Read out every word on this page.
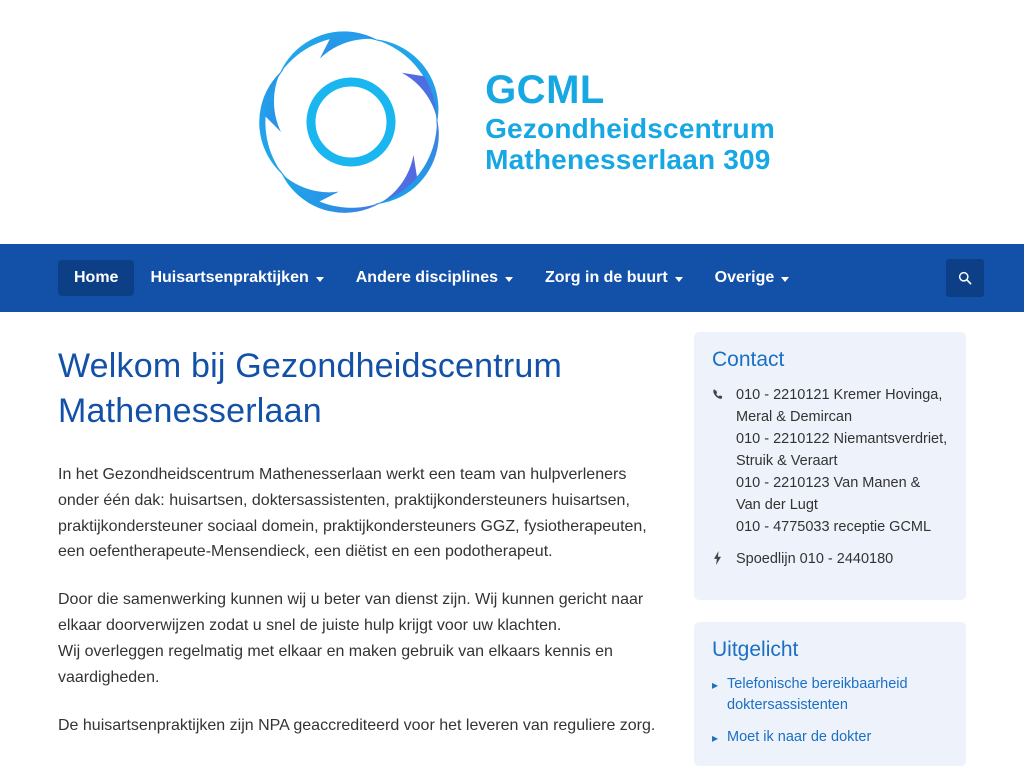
GCML
Gezondheidscentrum
Mathenesserlaan 309
Home Huisartsenpraktijken	Andere disciplines	Zorg in de buurt	Overige
Welkom bij Gezondheidscentrum Mathenesserlaan

In het Gezondheidscentrum Mathenesserlaan werkt een team van hulpverleners onder één dak: huisartsen, doktersassistenten, praktijkondersteuners huisartsen, praktijkondersteuner sociaal domein, praktijkondersteuners GGZ, fysiotherapeuten, een oefentherapeute-Mensendieck, een diëtist en een podotherapeut.

Door die samenwerking kunnen wij u beter van dienst zijn. Wij kunnen gericht naar elkaar doorverwijzen zodat u snel de juiste hulp krijgt voor uw klachten.
Wij overleggen regelmatig met elkaar en maken gebruik van elkaars kennis en vaardigheden.

De huisartsenpraktijken zijn NPA geaccrediteerd voor het leveren van reguliere zorg.

Contact
010 - 2210121 Kremer Hovinga, Meral & Demircan
010 - 2210122 Niemantsverdriet, Struik & Veraart
010 - 2210123 Van Manen & Van der Lugt
010 - 4775033 receptie GCML
Spoedlijn 010 - 2440180
Uitgelicht
▸ Telefonische bereikbaarheid doktersassistenten
▸ Moet ik naar de dokter
